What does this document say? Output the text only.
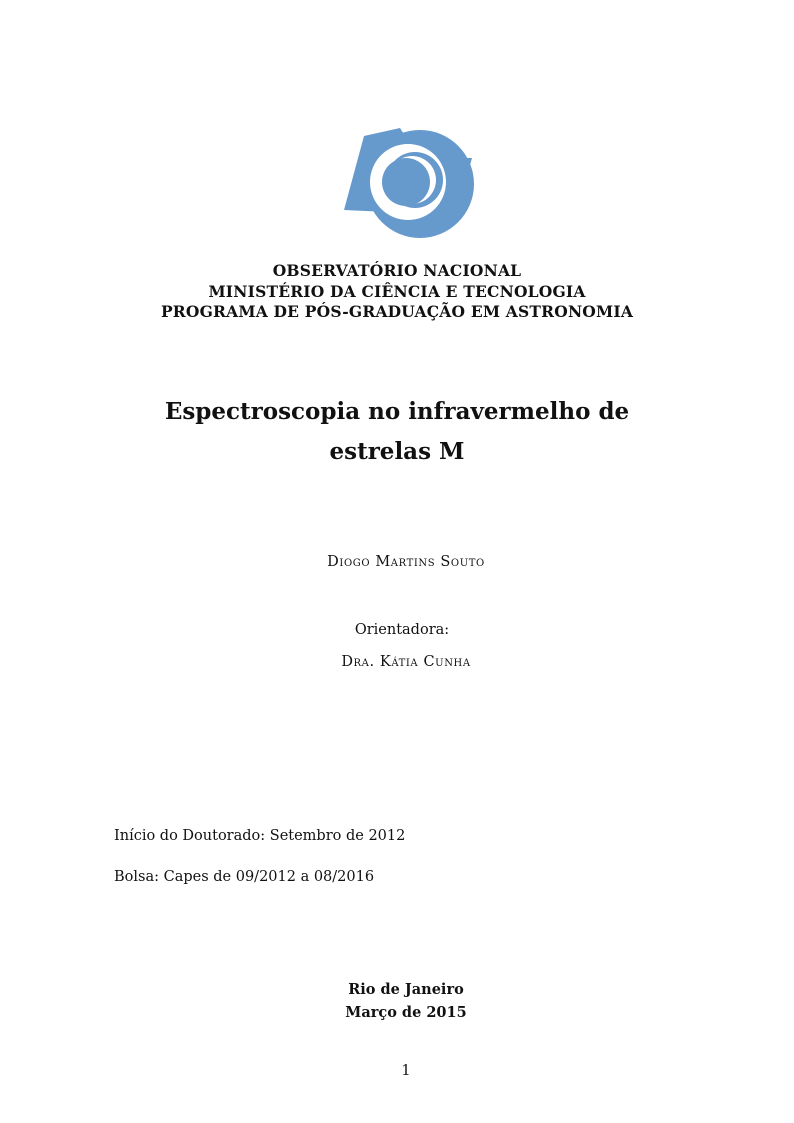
OBSERVATÓRIO NACIONAL
MINISTÉRIO DA CIÊNCIA E TECNOLOGIA
PROGRAMA DE PÓS-GRADUAÇÃO EM ASTRONOMIA
Espectroscopia no infravermelho de
estrelas M
Diogo Martins Souto
Orientadora:
Dra. Kátia Cunha
Início do Doutorado: Setembro de 2012
Bolsa: Capes de 09/2012 a 08/2016
Rio de Janeiro
Março de 2015
1
